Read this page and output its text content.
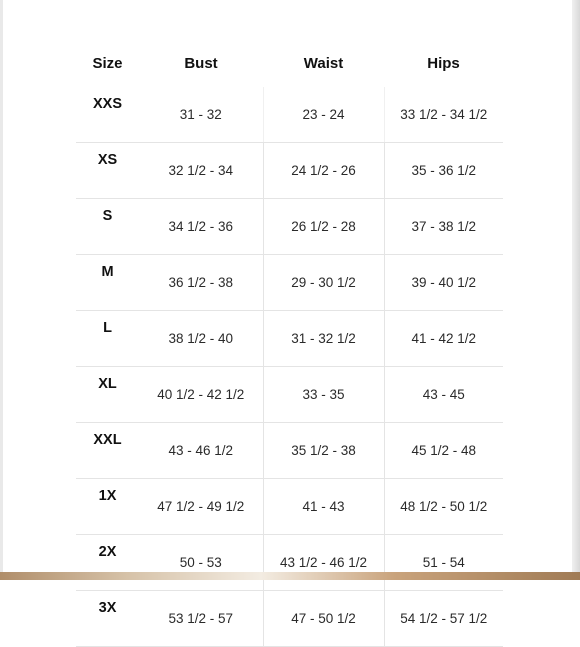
Size	Bust	Waist	Hips
XXS	31 - 32	23 - 24	33 1/2 - 34 1/2
XS	32 1/2 - 34	24 1/2 - 26	35 - 36 1/2
S	34 1/2 - 36	26 1/2 - 28	37 - 38 1/2
M	36 1/2 - 38	29 - 30 1/2	39 - 40 1/2
L	38 1/2 - 40	31 - 32 1/2	41 - 42 1/2
XL	40 1/2 - 42 1/2	33 - 35	43 - 45
XXL	43 - 46 1/2	35 1/2 - 38	45 1/2 - 48
1X	47 1/2 - 49 1/2	41 - 43	48 1/2 - 50 1/2
2X	50 - 53	43 1/2 - 46 1/2	51 - 54
3X	53 1/2 - 57	47 - 50 1/2	54 1/2 - 57 1/2
